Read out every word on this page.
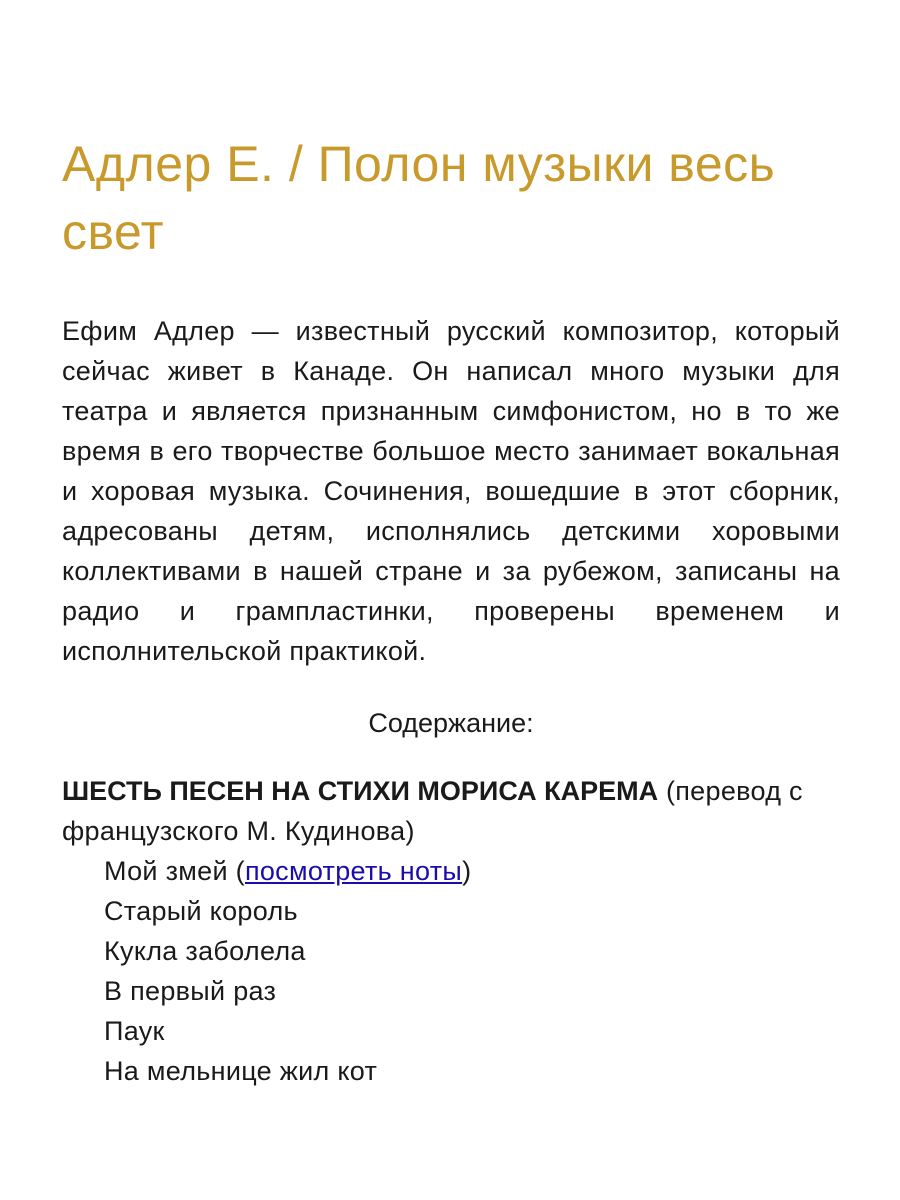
Адлер Е. / Полон музыки весь свет

Ефим Адлер — известный русский композитор, который сейчас живет в Канаде. Он написал много музыки для театра и является признанным симфонистом, но в то же время в его творчестве большое место занимает вокальная и хоровая музыка. Сочинения, вошедшие в этот сборник, адресованы детям, исполнялись детскими хоровыми коллективами в нашей стране и за рубежом, записаны на радио и грампластинки, проверены временем и исполнительской практикой.

Содержание:

ШЕСТЬ ПЕСЕН НА СТИХИ МОРИСА КАРЕМА (перевод с французского М. Кудинова)

Мой змей (посмотреть ноты)
Старый король
Кукла заболела
В первый раз
Паук
На мельнице жил кот
